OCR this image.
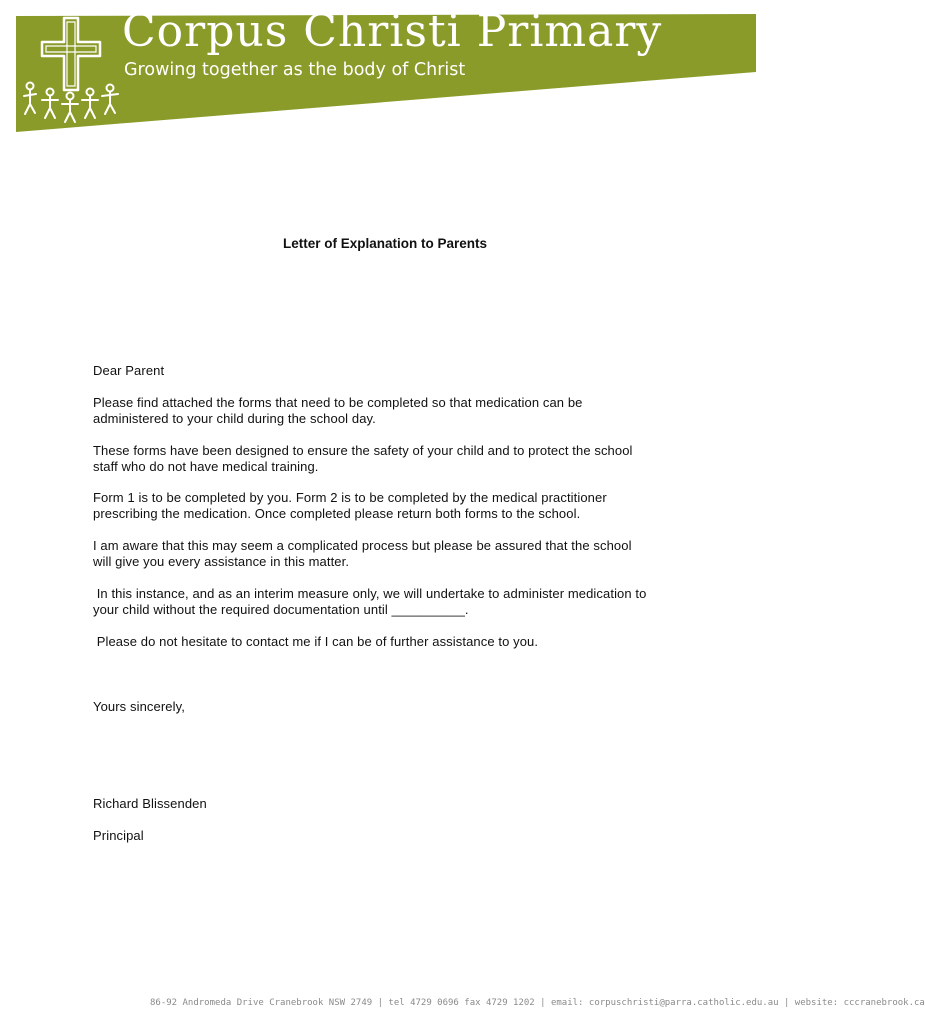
Corpus Christi Primary
Growing together as the body of Christ
Letter of Explanation to Parents
Dear Parent
Please find attached the forms that need to be completed so that medication can be administered to your child during the school day.
These forms have been designed to ensure the safety of your child and to protect the school staff who do not have medical training.
Form 1 is to be completed by you. Form 2 is to be completed by the medical practitioner prescribing the medication. Once completed please return both forms to the school.
I am aware that this may seem a complicated process but please be assured that the school will give you every assistance in this matter.
In this instance, and as an interim measure only, we will undertake to administer medication to your child without the required documentation until __________.
Please do not hesitate to contact me if I can be of further assistance to you.
Yours sincerely,
Richard Blissenden
Principal
86-92 Andromeda Drive Cranebrook NSW 2749 | tel 4729 0696 fax 4729 1202 | email: corpuschristi@parra.catholic.edu.au | website: cccranebrook.ca
